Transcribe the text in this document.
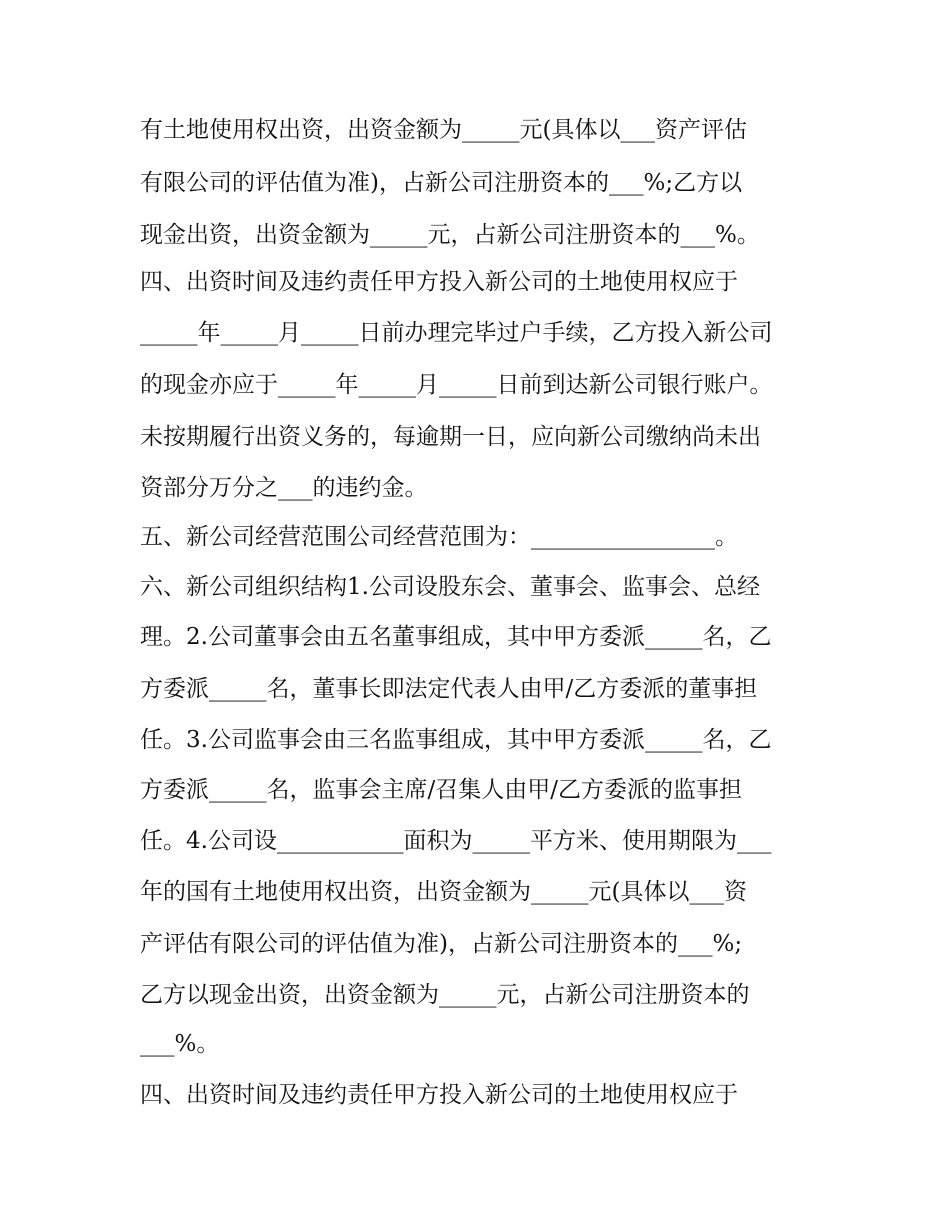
有土地使用权出资，出资金额为_____元(具体以___资产评估
有限公司的评估值为准)，占新公司注册资本的___%;乙方以
现金出资，出资金额为_____元，占新公司注册资本的___%。
四、出资时间及违约责任甲方投入新公司的土地使用权应于
_____年_____月_____日前办理完毕过户手续，乙方投入新公司
的现金亦应于_____年_____月_____日前到达新公司银行账户。
未按期履行出资义务的，每逾期一日，应向新公司缴纳尚未出
资部分万分之___的违约金。
五、新公司经营范围公司经营范围为：________________。
六、新公司组织结构1.公司设股东会、董事会、监事会、总经
理。2.公司董事会由五名董事组成，其中甲方委派_____名，乙
方委派_____名，董事长即法定代表人由甲/乙方委派的董事担
任。3.公司监事会由三名监事组成，其中甲方委派_____名，乙
方委派_____名，监事会主席/召集人由甲/乙方委派的监事担
任。4.公司设___________面积为_____平方米、使用期限为___
年的国有土地使用权出资，出资金额为_____元(具体以___资
产评估有限公司的评估值为准)，占新公司注册资本的___%;
乙方以现金出资，出资金额为_____元，占新公司注册资本的
___%。
四、出资时间及违约责任甲方投入新公司的土地使用权应于
